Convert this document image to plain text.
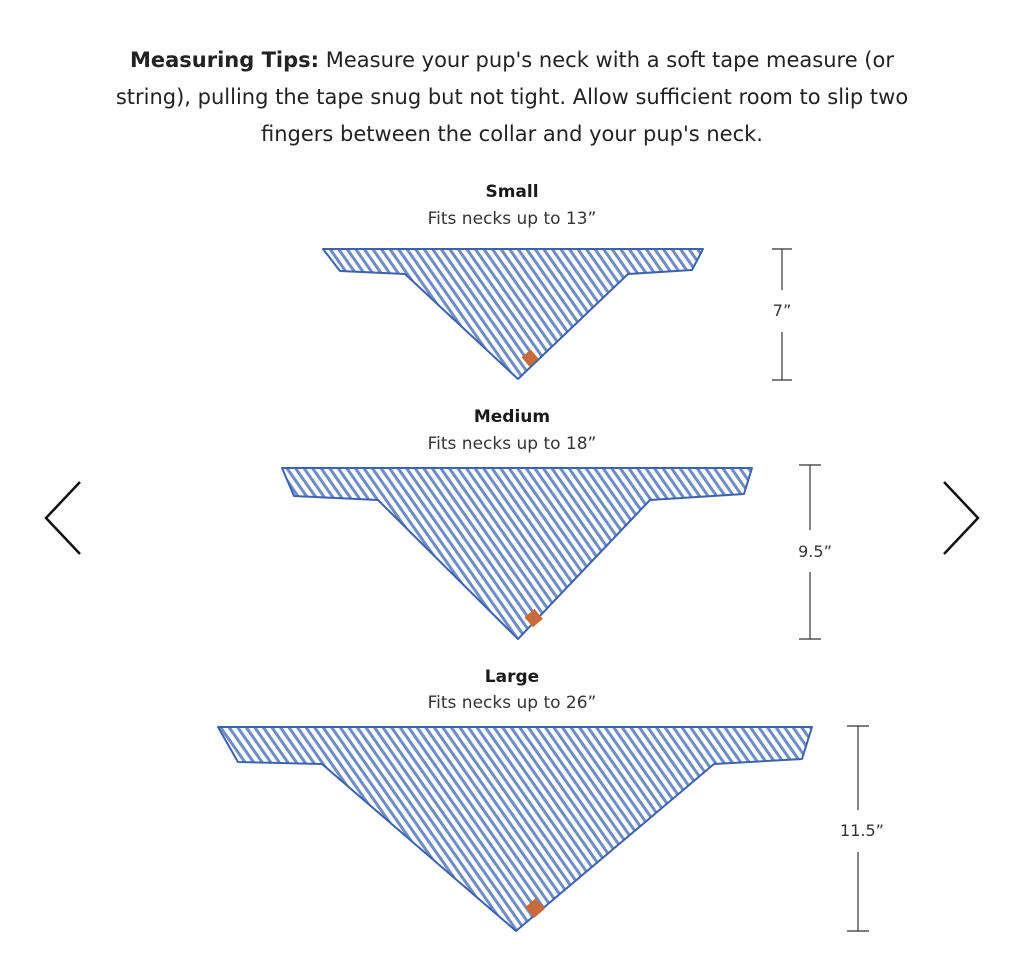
Measuring Tips: Measure your pup's neck with a soft tape measure (or string), pulling the tape snug but not tight. Allow sufficient room to slip two fingers between the collar and your pup's neck.
Small
Fits necks up to 13”
Medium
Fits necks up to 18”
Large
Fits necks up to 26”
7”
9.5”
11.5”
